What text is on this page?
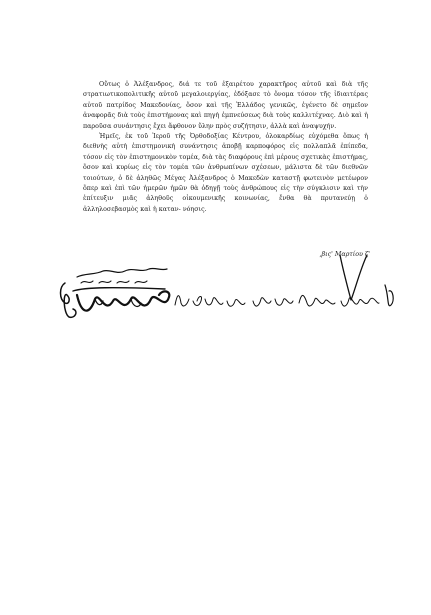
Οὕτως ὁ Ἀλέξανδρος, διά τε τοῦ ἐξαιρέτου χαρακτῆρος αὐτοῦ καὶ διὰ τῆς στρατιωτικοπολιτικῆς αὐτοῦ μεγαλοιεργίας, ἐδόξασε τὸ ὄνομα τόσον τῆς ἰδιαιτέρας αὐτοῦ πατρίδος Μακεδονίας, ὅσον καὶ τῆς Ἑλλάδος γενικῶς, ἐγένετο δὲ σημεῖον ἀναφορᾶς διὰ τοὺς ἐπιστήμονας καὶ πηγὴ ἐμπνεύσεως διὰ τοὺς καλλιτέχνας. Διὸ καὶ ἡ παροῦσα συνάντησις ἔχει ἄφθονον ὕλην πρὸς συζήτησιν, ἀλλὰ καὶ ἀναψυχήν.

Ἡμεῖς, ἐκ τοῦ Ἱεροῦ τῆς Ὀρθοδοξίας Κέντρου, ὁλοκαρδίως εὐχόμεθα ὅπως ἡ διεθνὴς αὐτὴ ἐπιστημονικὴ συνάντησις ἀποβῇ καρποφόρος εἰς πολλαπλᾶ ἐπίπεδα, τόσον εἰς τὸν ἐπιστημονικὸν τομέα, διὰ τὰς διαφόρους ἐπὶ μέρους σχετικὰς ἐπιστήμας, ὅσον καὶ κυρίως εἰς τὸν τομέα τῶν ἀνθρωπίνων σχέσεων, μάλιστα δὲ τῶν διεθνῶν τοιούτων, ὁ δὲ ἀληθῶς Μέγας Ἀλέξανδρος ὁ Μακεδὼν καταστῇ φωτεινὸν μετέωρον ὅπερ καὶ ἐπὶ τῶν ἡμερῶν ἡμῶν θὰ ὁδηγῇ τοὺς ἀνθρώπους εἰς τὴν σύγκλισιν καὶ τὴν ἐπίτευξιν μιᾶς ἀληθοῦς οἰκουμενικῆς κοινωνίας, ἔνθα θὰ πρυτανεύῃ ὁ ἀλληλοσεβασμὸς καὶ ἡ καταν- νόησις.

,βις' Μαρτίου ζ'
